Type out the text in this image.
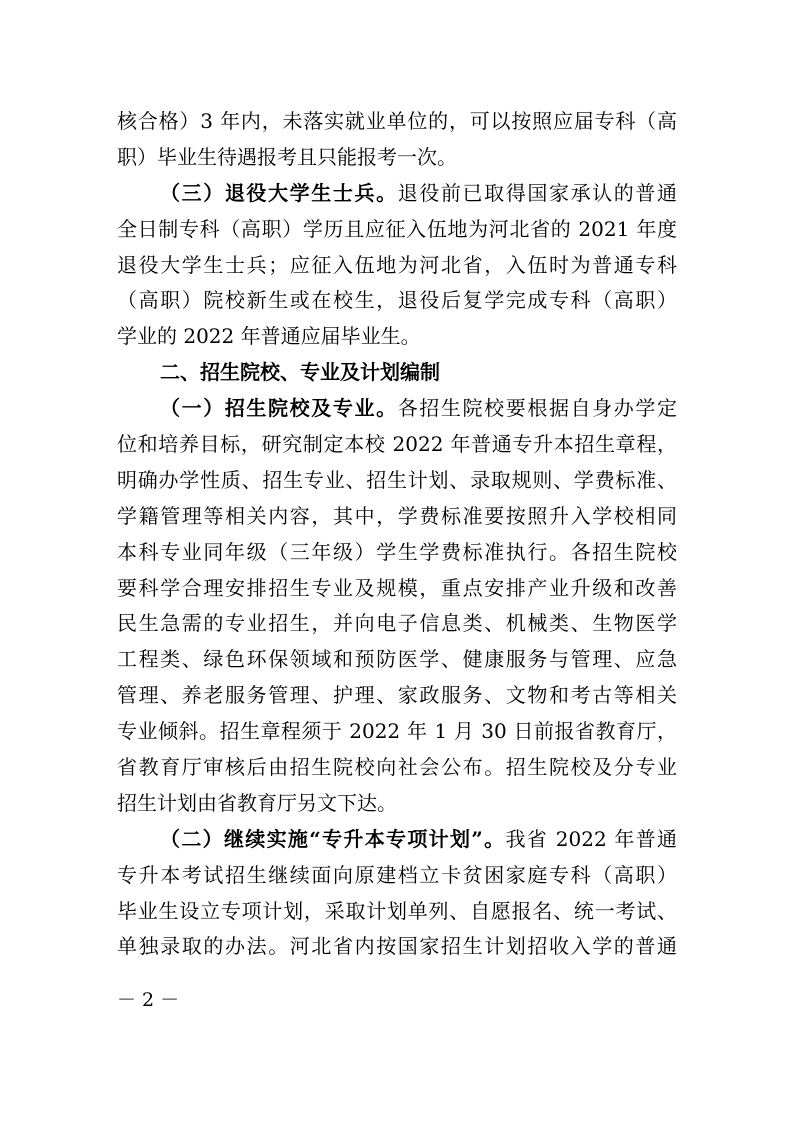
核合格）3 年内，未落实就业单位的，可以按照应届专科（高
职）毕业生待遇报考且只能报考一次。
（三）退役大学生士兵。退役前已取得国家承认的普通
全日制专科（高职）学历且应征入伍地为河北省的 2021 年度
退役大学生士兵；应征入伍地为河北省，入伍时为普通专科
（高职）院校新生或在校生，退役后复学完成专科（高职）
学业的 2022 年普通应届毕业生。
二、招生院校、专业及计划编制
（一）招生院校及专业。各招生院校要根据自身办学定
位和培养目标，研究制定本校 2022 年普通专升本招生章程，
明确办学性质、招生专业、招生计划、录取规则、学费标准、
学籍管理等相关内容，其中，学费标准要按照升入学校相同
本科专业同年级（三年级）学生学费标准执行。各招生院校
要科学合理安排招生专业及规模，重点安排产业升级和改善
民生急需的专业招生，并向电子信息类、机械类、生物医学
工程类、绿色环保领域和预防医学、健康服务与管理、应急
管理、养老服务管理、护理、家政服务、文物和考古等相关
专业倾斜。招生章程须于 2022 年 1 月 30 日前报省教育厅，
省教育厅审核后由招生院校向社会公布。招生院校及分专业
招生计划由省教育厅另文下达。
（二）继续实施“专升本专项计划”。我省 2022 年普通
专升本考试招生继续面向原建档立卡贫困家庭专科（高职）
毕业生设立专项计划，采取计划单列、自愿报名、统一考试、
单独录取的办法。河北省内按国家招生计划招收入学的普通
－ 2 －
